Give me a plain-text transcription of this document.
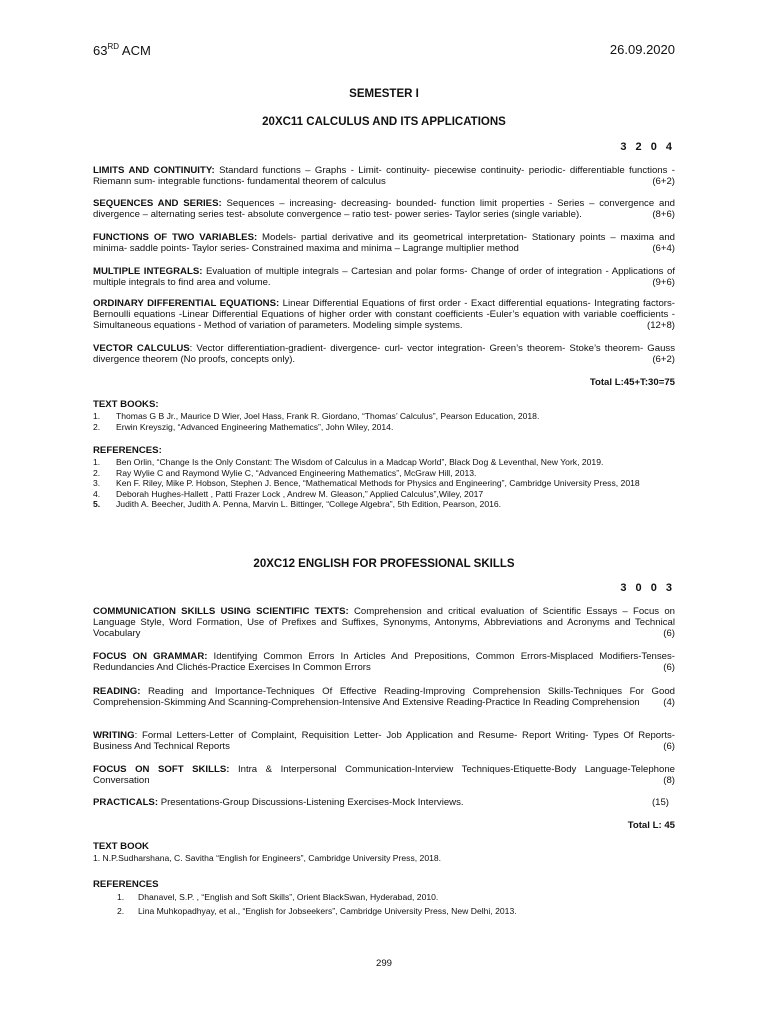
63RD ACM	26.09.2020
SEMESTER I
20XC11 CALCULUS AND ITS APPLICATIONS
3 2 0 4
LIMITS AND CONTINUITY: Standard functions – Graphs - Limit- continuity- piecewise continuity- periodic- differentiable functions - Riemann sum- integrable functions- fundamental theorem of calculus	(6+2)
SEQUENCES AND SERIES: Sequences – increasing- decreasing- bounded- function limit properties - Series – convergence and divergence – alternating series test- absolute convergence – ratio test- power series- Taylor series (single variable).	(8+6)
FUNCTIONS OF TWO VARIABLES: Models- partial derivative and its geometrical interpretation- Stationary points – maxima and minima- saddle points- Taylor series- Constrained maxima and minima – Lagrange multiplier method	(6+4)
MULTIPLE INTEGRALS: Evaluation of multiple integrals – Cartesian and polar forms- Change of order of integration - Applications of multiple integrals to find area and volume.	(9+6)
ORDINARY DIFFERENTIAL EQUATIONS: Linear Differential Equations of first order - Exact differential equations- Integrating factors- Bernoulli equations -Linear Differential Equations of higher order with constant coefficients -Euler’s equation with variable coefficients - Simultaneous equations - Method of variation of parameters. Modeling simple systems.	(12+8)
VECTOR CALCULUS: Vector differentiation-gradient- divergence- curl- vector integration- Green’s theorem- Stoke’s theorem- Gauss divergence theorem (No proofs, concepts only).	(6+2)
Total L:45+T:30=75
TEXT BOOKS:
1. Thomas G B Jr., Maurice D Wier, Joel Hass, Frank R. Giordano, “Thomas’ Calculus”, Pearson Education, 2018.
2. Erwin Kreyszig, “Advanced Engineering Mathematics”, John Wiley, 2014.
REFERENCES:
1. Ben Orlin, “Change Is the Only Constant: The Wisdom of Calculus in a Madcap World”, Black Dog & Leventhal, New York, 2019.
2. Ray Wylie C and Raymond Wylie C, “Advanced Engineering Mathematics”, McGraw Hill, 2013.
3. Ken F. Riley, Mike P. Hobson, Stephen J. Bence, “Mathematical Methods for Physics and Engineering”, Cambridge University Press, 2018
4. Deborah Hughes-Hallett , Patti Frazer Lock , Andrew M. Gleason,” Applied Calculus”,Wiley, 2017
5. Judith A. Beecher, Judith A. Penna, Marvin L. Bittinger, “College Algebra”, 5th Edition, Pearson, 2016.
20XC12 ENGLISH FOR PROFESSIONAL SKILLS
3 0 0 3
COMMUNICATION SKILLS USING SCIENTIFIC TEXTS: Comprehension and critical evaluation of Scientific Essays – Focus on Language Style, Word Formation, Use of Prefixes and Suffixes, Synonyms, Antonyms, Abbreviations and Acronyms and Technical Vocabulary	(6)
FOCUS ON GRAMMAR: Identifying Common Errors In Articles And Prepositions, Common Errors-Misplaced Modifiers-Tenses-Redundancies And Clichés-Practice Exercises In Common Errors	(6)
READING: Reading and Importance-Techniques Of Effective Reading-Improving Comprehension Skills-Techniques For Good Comprehension-Skimming And Scanning-Comprehension-Intensive And Extensive Reading-Practice In Reading Comprehension (4)
WRITING: Formal Letters-Letter of Complaint, Requisition Letter- Job Application and Resume- Report Writing- Types Of Reports- Business And Technical Reports	(6)
FOCUS ON SOFT SKILLS: Intra & Interpersonal Communication-Interview Techniques-Etiquette-Body Language-Telephone Conversation	(8)
PRACTICALS: Presentations-Group Discussions-Listening Exercises-Mock Interviews.	(15)
Total L: 45
TEXT BOOK
1. N.P.Sudharshana, C. Savitha “English for Engineers”, Cambridge University Press, 2018.
REFERENCES
1. Dhanavel, S.P. , “English and Soft Skills”, Orient BlackSwan, Hyderabad, 2010.
2. Lina Muhkopadhyay, et al., “English for Jobseekers”, Cambridge University Press, New Delhi, 2013.
299
